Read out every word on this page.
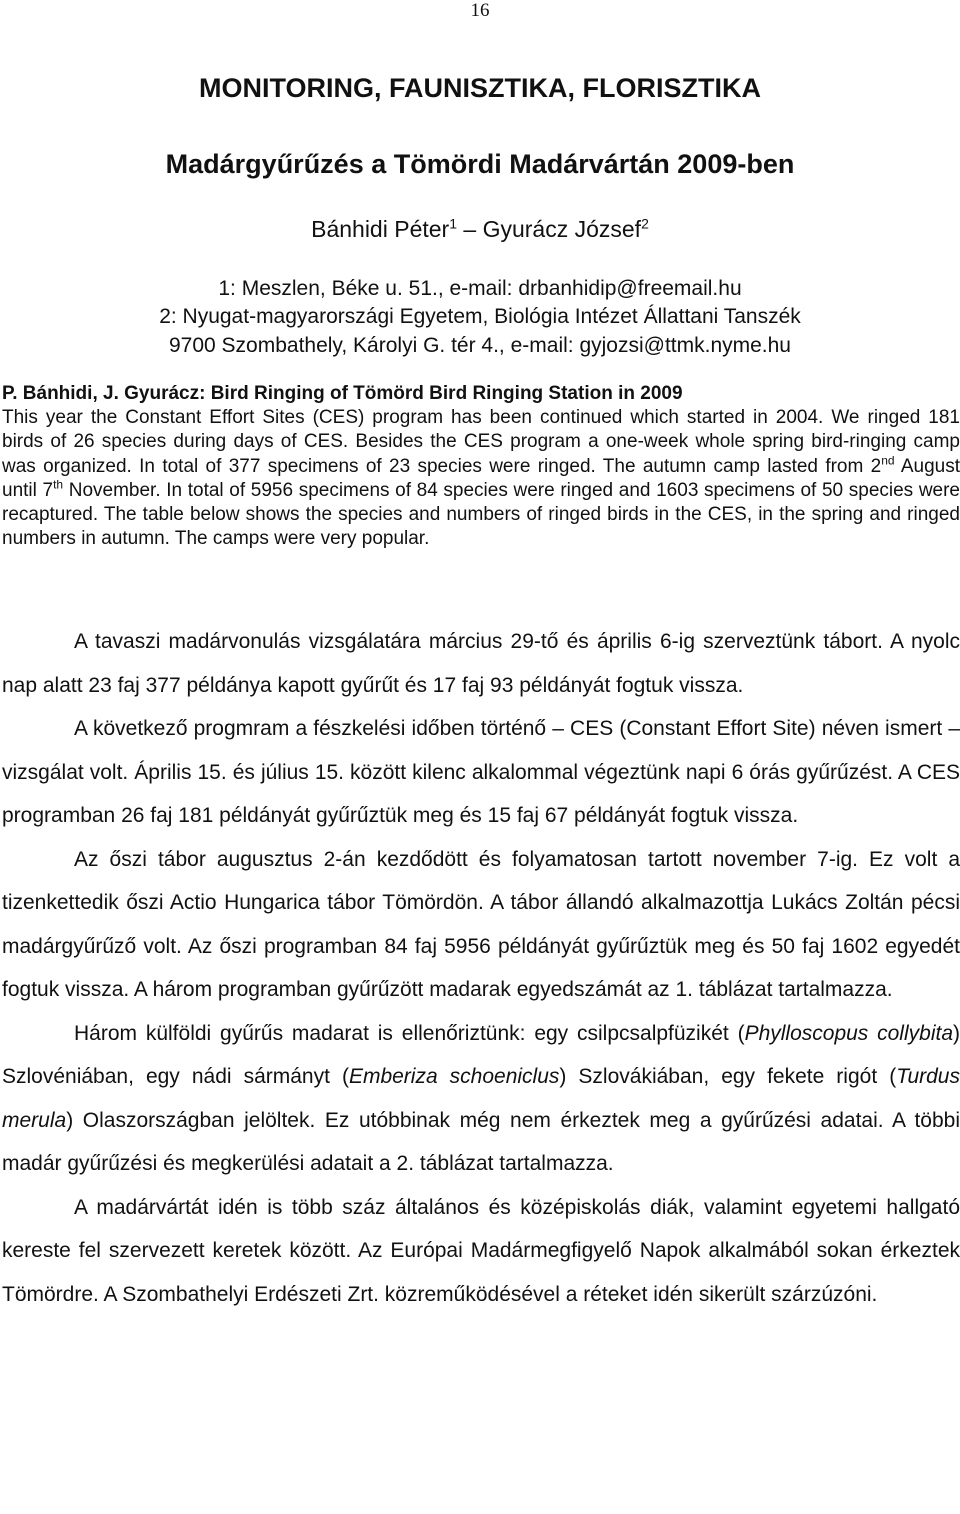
16
MONITORING, FAUNISZTIKA, FLORISZTIKA
Madárgyűrűzés a Tömördi Madárvártán 2009-ben
Bánhidi Péter$^1$ – Gyurácz József$^2$
1: Meszlen, Béke u. 51., e-mail: drbanhidip@freemail.hu
2: Nyugat-magyarországi Egyetem, Biológia Intézet Állattani Tanszék
9700 Szombathely, Károlyi G. tér 4., e-mail: gyjozsi@ttmk.nyme.hu
P. Bánhidi, J. Gyurácz: Bird Ringing of Tömörd Bird Ringing Station in 2009
This year the Constant Effort Sites (CES) program has been continued which started in 2004. We ringed 181 birds of 26 species during days of CES. Besides the CES program a one-week whole spring bird-ringing camp was organized. In total of 377 specimens of 23 species were ringed. The autumn camp lasted from 2nd August until 7th November. In total of 5956 specimens of 84 species were ringed and 1603 specimens of 50 species were recaptured. The table below shows the species and numbers of ringed birds in the CES, in the spring and ringed numbers in autumn. The camps were very popular.

A tavaszi madárvonulás vizsgálatára március 29-tő és április 6-ig szerveztünk tábort. A nyolc nap alatt 23 faj 377 példánya kapott gyűrűt és 17 faj 93 példányát fogtuk vissza.

A következő progmram a fészkelési időben történő – CES (Constant Effort Site) néven ismert – vizsgálat volt. Április 15. és július 15. között kilenc alkalommal végeztünk napi 6 órás gyűrűzést. A CES programban 26 faj 181 példányát gyűrűztük meg és 15 faj 67 példányát fogtuk vissza.

Az őszi tábor augusztus 2-án kezdődött és folyamatosan tartott november 7-ig. Ez volt a tizenkettedik őszi Actio Hungarica tábor Tömördön. A tábor állandó alkalmazottja Lukács Zoltán pécsi madárgyűrűző volt. Az őszi programban 84 faj 5956 példányát gyűrűztük meg és 50 faj 1602 egyedét fogtuk vissza. A három programban gyűrűzött madarak egyedszámát az 1. táblázat tartalmazza.

Három külföldi gyűrűs madarat is ellenőriztünk: egy csilpcsalpfüzikét (Phylloscopus collybita) Szlovéniában, egy nádi sármányt (Emberiza schoeniclus) Szlovákiában, egy fekete rigót (Turdus merula) Olaszországban jelöltek. Ez utóbbinak még nem érkeztek meg a gyűrűzési adatai. A többi madár gyűrűzési és megkerülési adatait a 2. táblázat tartalmazza.

A madárvártát idén is több száz általános és középiskolás diák, valamint egyetemi hallgató kereste fel szervezett keretek között. Az Európai Madármegfigyelő Napok alkalmából sokan érkeztek Tömördre. A Szombathelyi Erdészeti Zrt. közreműködésével a réteket idén sikerült szárzúzóni.
